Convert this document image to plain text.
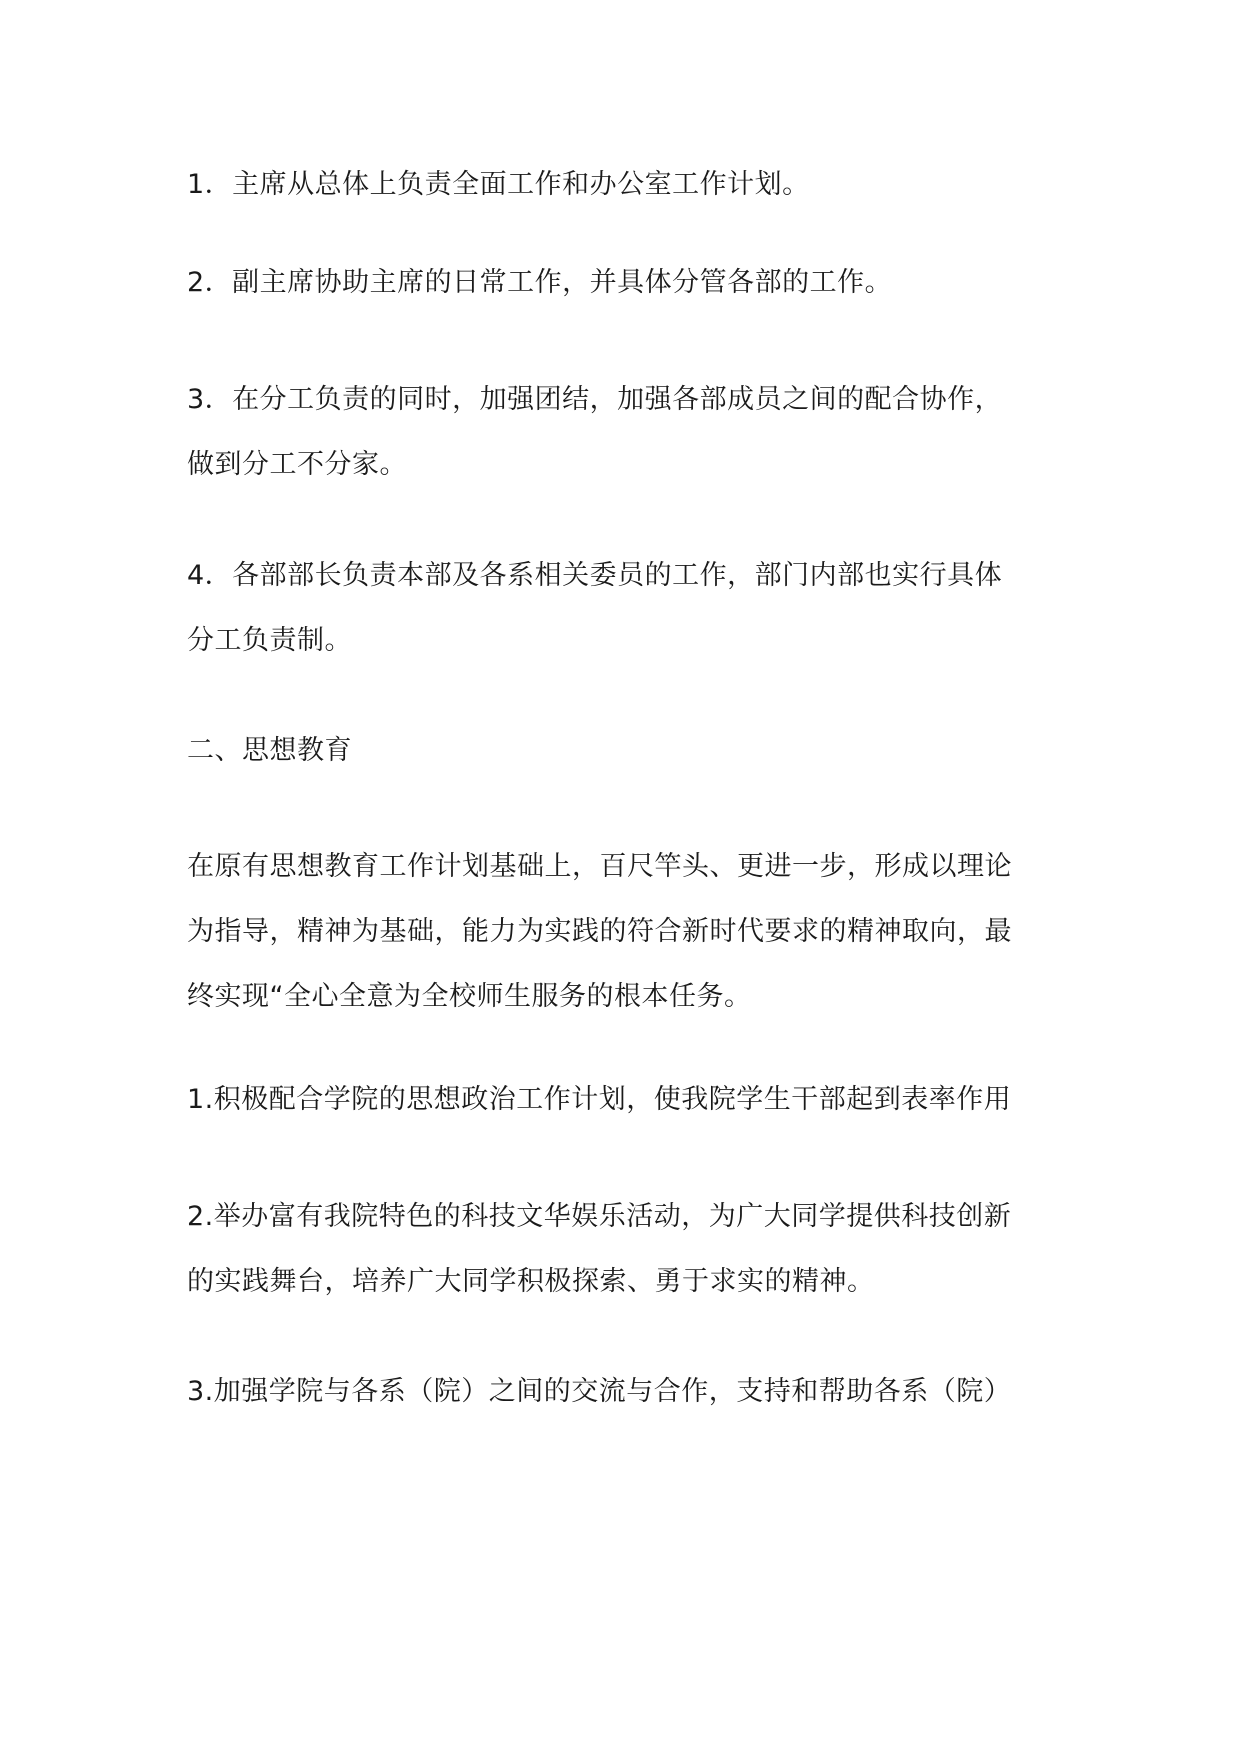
1．主席从总体上负责全面工作和办公室工作计划。

2．副主席协助主席的日常工作，并具体分管各部的工作。

3．在分工负责的同时，加强团结，加强各部成员之间的配合协作，
做到分工不分家。

4．各部部长负责本部及各系相关委员的工作，部门内部也实行具体
分工负责制。

二、思想教育

在原有思想教育工作计划基础上，百尺竿头、更进一步，形成以理论
为指导，精神为基础，能力为实践的符合新时代要求的精神取向，最
终实现“全心全意为全校师生服务的根本任务。

1.积极配合学院的思想政治工作计划，使我院学生干部起到表率作用

2.举办富有我院特色的科技文华娱乐活动，为广大同学提供科技创新
的实践舞台，培养广大同学积极探索、勇于求实的精神。

3.加强学院与各系（院）之间的交流与合作，支持和帮助各系（院）
